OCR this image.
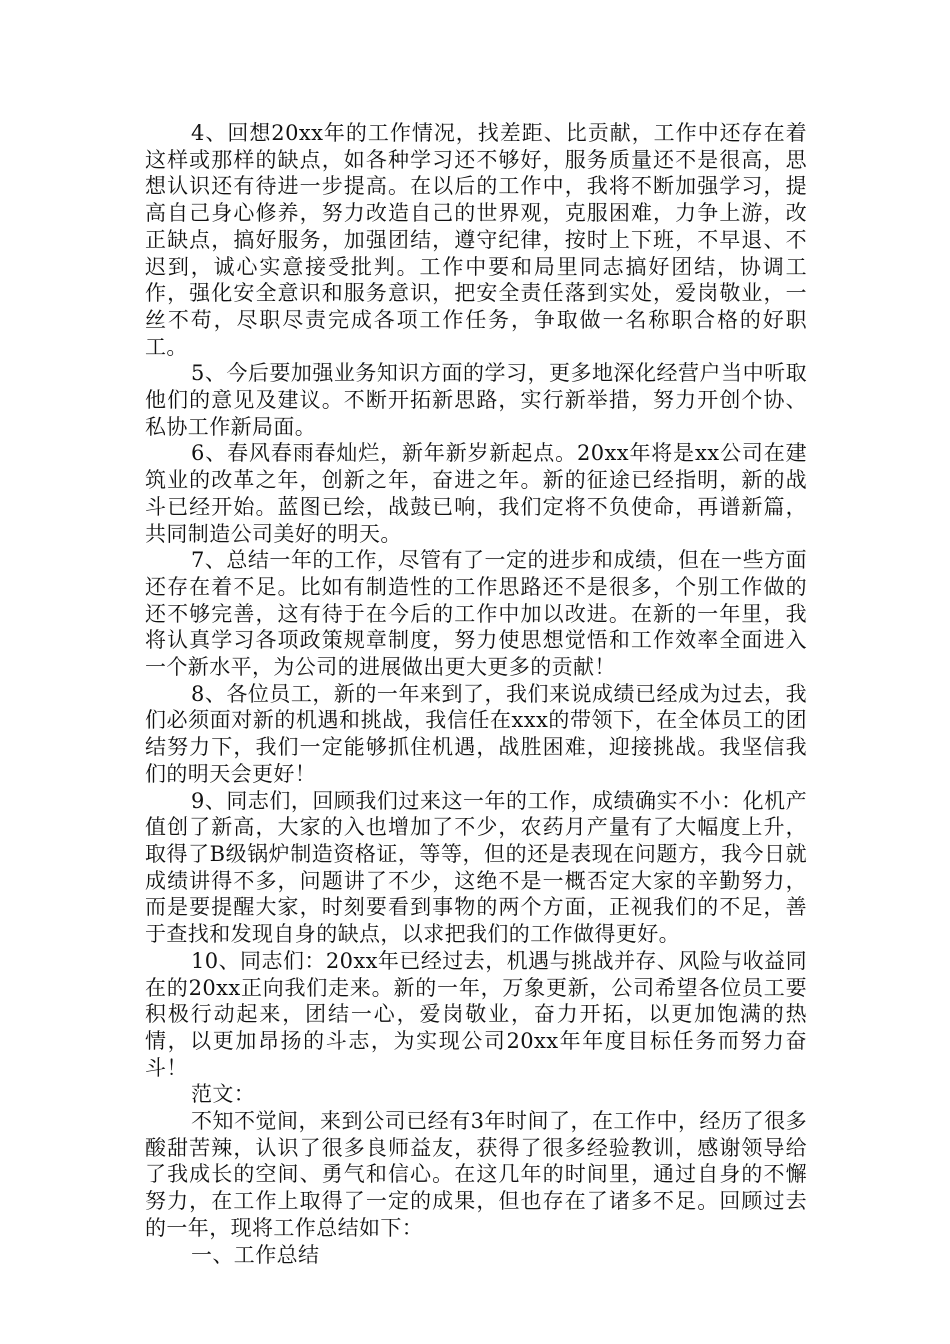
4、回想20xx年的工作情况，找差距、比贡献，工作中还存在着这样或那样的缺点，如各种学习还不够好，服务质量还不是很高，思想认识还有待进一步提高。在以后的工作中，我将不断加强学习，提高自己身心修养，努力改造自己的世界观，克服困难，力争上游，改正缺点，搞好服务，加强团结，遵守纪律，按时上下班，不早退、不迟到，诚心实意接受批判。工作中要和局里同志搞好团结，协调工作，强化安全意识和服务意识，把安全责任落到实处，爱岗敬业，一丝不苟，尽职尽责完成各项工作任务，争取做一名称职合格的好职工。

5、今后要加强业务知识方面的学习，更多地深化经营户当中听取他们的意见及建议。不断开拓新思路，实行新举措，努力开创个协、私协工作新局面。

6、春风春雨春灿烂，新年新岁新起点。20xx年将是xx公司在建筑业的改革之年，创新之年，奋进之年。新的征途已经指明，新的战斗已经开始。蓝图已绘，战鼓已响，我们定将不负使命，再谱新篇，共同制造公司美好的明天。

7、总结一年的工作，尽管有了一定的进步和成绩，但在一些方面还存在着不足。比如有制造性的工作思路还不是很多，个别工作做的还不够完善，这有待于在今后的工作中加以改进。在新的一年里，我将认真学习各项政策规章制度，努力使思想觉悟和工作效率全面进入一个新水平，为公司的进展做出更大更多的贡献！

8、各位员工，新的一年来到了，我们来说成绩已经成为过去，我们必须面对新的机遇和挑战，我信任在xxx的带领下，在全体员工的团结努力下，我们一定能够抓住机遇，战胜困难，迎接挑战。我坚信我们的明天会更好！

9、同志们，回顾我们过来这一年的工作，成绩确实不小：化机产值创了新高，大家的入也增加了不少，农药月产量有了大幅度上升，取得了B级锅炉制造资格证，等等，但的还是表现在问题方，我今日就成绩讲得不多，问题讲了不少，这绝不是一概否定大家的辛勤努力，而是要提醒大家，时刻要看到事物的两个方面，正视我们的不足，善于查找和发现自身的缺点，以求把我们的工作做得更好。

10、同志们：20xx年已经过去，机遇与挑战并存、风险与收益同在的20xx正向我们走来。新的一年，万象更新，公司希望各位员工要积极行动起来，团结一心，爱岗敬业，奋力开拓，以更加饱满的热情，以更加昂扬的斗志，为实现公司20xx年年度目标任务而努力奋斗！

范文：

不知不觉间，来到公司已经有3年时间了，在工作中，经历了很多酸甜苦辣，认识了很多良师益友，获得了很多经验教训，感谢领导给了我成长的空间、勇气和信心。在这几年的时间里，通过自身的不懈努力，在工作上取得了一定的成果，但也存在了诸多不足。回顾过去的一年，现将工作总结如下：

一、工作总结
